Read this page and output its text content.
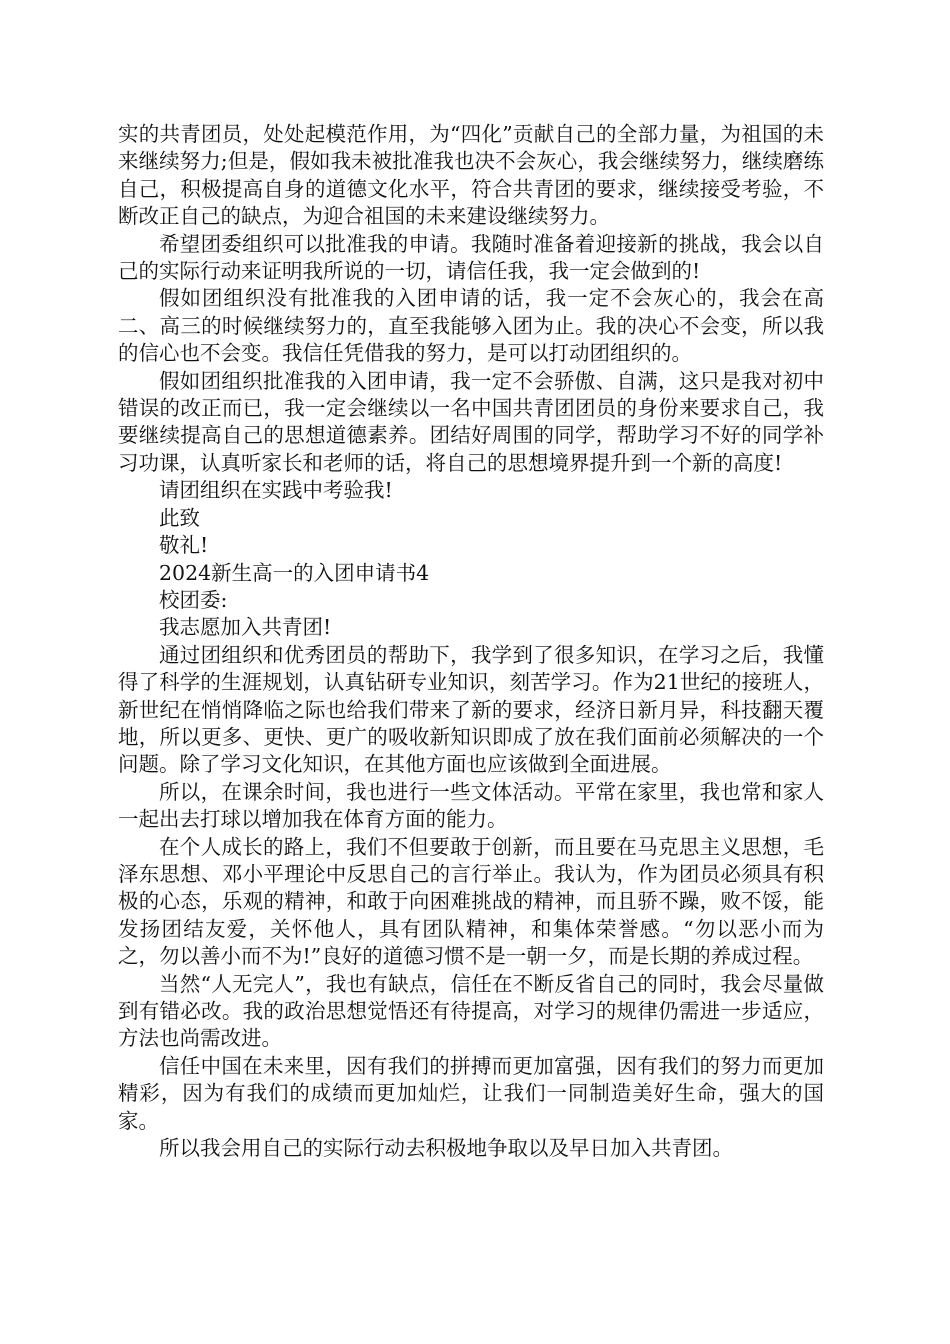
实的共青团员，处处起模范作用，为“四化”贡献自己的全部力量，为祖国的未来继续努力;但是，假如我未被批准我也决不会灰心，我会继续努力，继续磨练自己，积极提高自身的道德文化水平，符合共青团的要求，继续接受考验，不断改正自己的缺点，为迎合祖国的未来建设继续努力。

希望团委组织可以批准我的申请。我随时准备着迎接新的挑战，我会以自己的实际行动来证明我所说的一切，请信任我，我一定会做到的!

假如团组织没有批准我的入团申请的话，我一定不会灰心的，我会在高二、高三的时候继续努力的，直至我能够入团为止。我的决心不会变，所以我的信心也不会变。我信任凭借我的努力，是可以打动团组织的。

假如团组织批准我的入团申请，我一定不会骄傲、自满，这只是我对初中错误的改正而已，我一定会继续以一名中国共青团团员的身份来要求自己，我要继续提高自己的思想道德素养。团结好周围的同学，帮助学习不好的同学补习功课，认真听家长和老师的话，将自己的思想境界提升到一个新的高度!

请团组织在实践中考验我!

此致

敬礼!

2024新生高一的入团申请书4

校团委:

我志愿加入共青团!

通过团组织和优秀团员的帮助下，我学到了很多知识，在学习之后，我懂得了科学的生涯规划，认真钻研专业知识，刻苦学习。作为21世纪的接班人，新世纪在悄悄降临之际也给我们带来了新的要求，经济日新月异，科技翻天覆地，所以更多、更快、更广的吸收新知识即成了放在我们面前必须解决的一个问题。除了学习文化知识，在其他方面也应该做到全面进展。

所以，在课余时间，我也进行一些文体活动。平常在家里，我也常和家人一起出去打球以增加我在体育方面的能力。

在个人成长的路上，我们不但要敢于创新，而且要在马克思主义思想，毛泽东思想、邓小平理论中反思自己的言行举止。我认为，作为团员必须具有积极的心态，乐观的精神，和敢于向困难挑战的精神，而且骄不躁，败不馁，能发扬团结友爱，关怀他人，具有团队精神，和集体荣誉感。“勿以恶小而为之，勿以善小而不为!”良好的道德习惯不是一朝一夕，而是长期的养成过程。

当然“人无完人”，我也有缺点，信任在不断反省自己的同时，我会尽量做到有错必改。我的政治思想觉悟还有待提高，对学习的规律仍需进一步适应，方法也尚需改进。

信任中国在未来里，因有我们的拼搏而更加富强，因有我们的努力而更加精彩，因为有我们的成绩而更加灿烂，让我们一同制造美好生命，强大的国家。

所以我会用自己的实际行动去积极地争取以及早日加入共青团。
